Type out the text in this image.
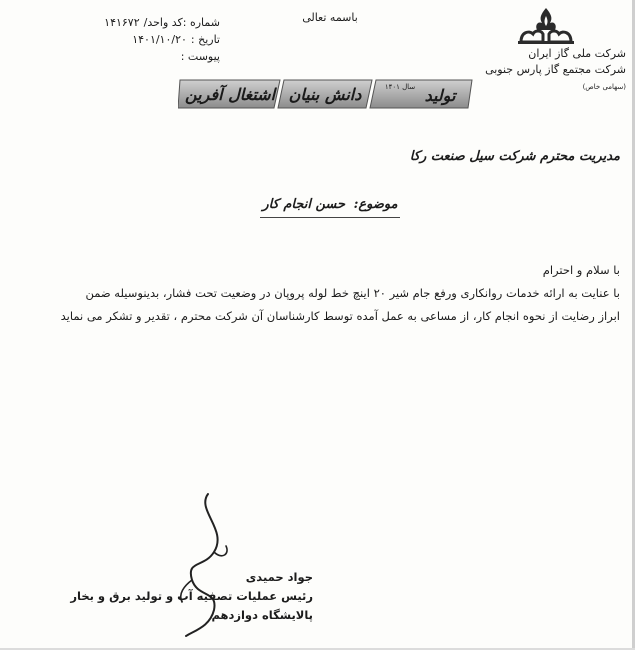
باسمه تعالی
شماره :کد واحد/
۱۴۱۶۷۲
تاریخ :
۱۴۰۱/۱۰/۲۰
پیوست :	شرکت ملی گاز ایران
شرکت مجتمع گاز پارس جنوبی (سهامی خاص)
اشتغال آفرین دانش بنیان	تولید
سال ۱۴۰۱
مدیریت محترم شرکت سیل صنعت رکا
موضوع: حسن انجام کار

با سلام و احترام

با عنایت به ارائه خدمات روانکاری ورفع جام شیر ۲۰ اینچ خط لوله پروپان در وضعیت تحت فشار، بدینوسیله ضمن

ابراز رضایت از نحوه انجام کار، از مساعی به عمل آمده توسط کارشناسان آن شرکت محترم ، تقدیر و تشکر می نماید

جواد حمیدی
رئیس عملیات تصفیه آب و تولید برق و بخار
پالایشگاه دوازدهم
